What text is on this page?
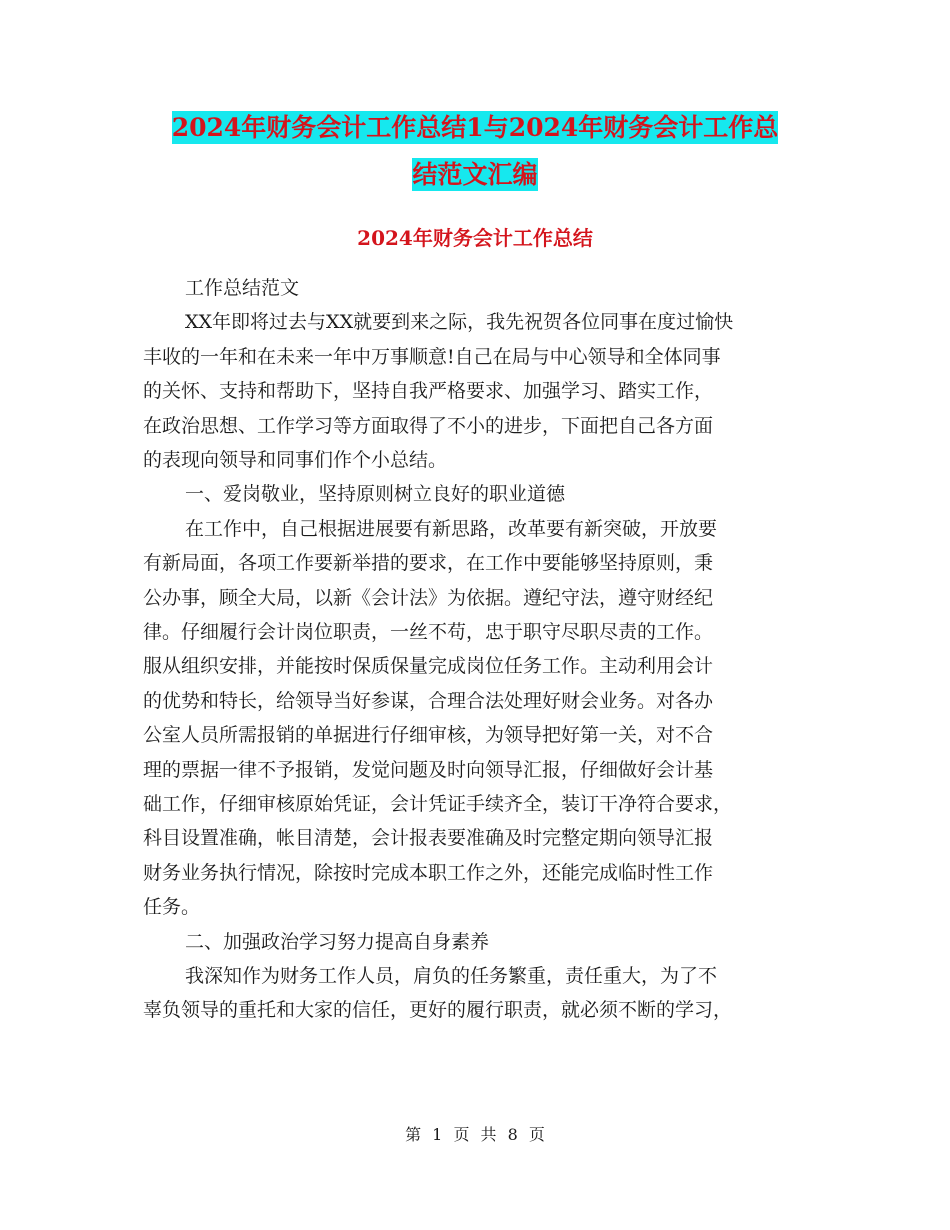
2024年财务会计工作总结1与2024年财务会计工作总
结范文汇编
2024年财务会计工作总结
工作总结范文
XX年即将过去与XX就要到来之际，我先祝贺各位同事在度过愉快
丰收的一年和在未来一年中万事顺意!自己在局与中心领导和全体同事
的关怀、支持和帮助下，坚持自我严格要求、加强学习、踏实工作，
在政治思想、工作学习等方面取得了不小的进步，下面把自己各方面
的表现向领导和同事们作个小总结。
一、爱岗敬业，坚持原则树立良好的职业道德
在工作中，自己根据进展要有新思路，改革要有新突破，开放要
有新局面，各项工作要新举措的要求，在工作中要能够坚持原则，秉
公办事，顾全大局，以新《会计法》为依据。遵纪守法，遵守财经纪
律。仔细履行会计岗位职责，一丝不苟，忠于职守尽职尽责的工作。
服从组织安排，并能按时保质保量完成岗位任务工作。主动利用会计
的优势和特长，给领导当好参谋，合理合法处理好财会业务。对各办
公室人员所需报销的单据进行仔细审核，为领导把好第一关，对不合
理的票据一律不予报销，发觉问题及时向领导汇报，仔细做好会计基
础工作，仔细审核原始凭证，会计凭证手续齐全，装订干净符合要求，
科目设置准确，帐目清楚，会计报表要准确及时完整定期向领导汇报
财务业务执行情况，除按时完成本职工作之外，还能完成临时性工作
任务。
二、加强政治学习努力提高自身素养
我深知作为财务工作人员，肩负的任务繁重，责任重大，为了不
辜负领导的重托和大家的信任，更好的履行职责，就必须不断的学习，
第 1 页 共 8 页
